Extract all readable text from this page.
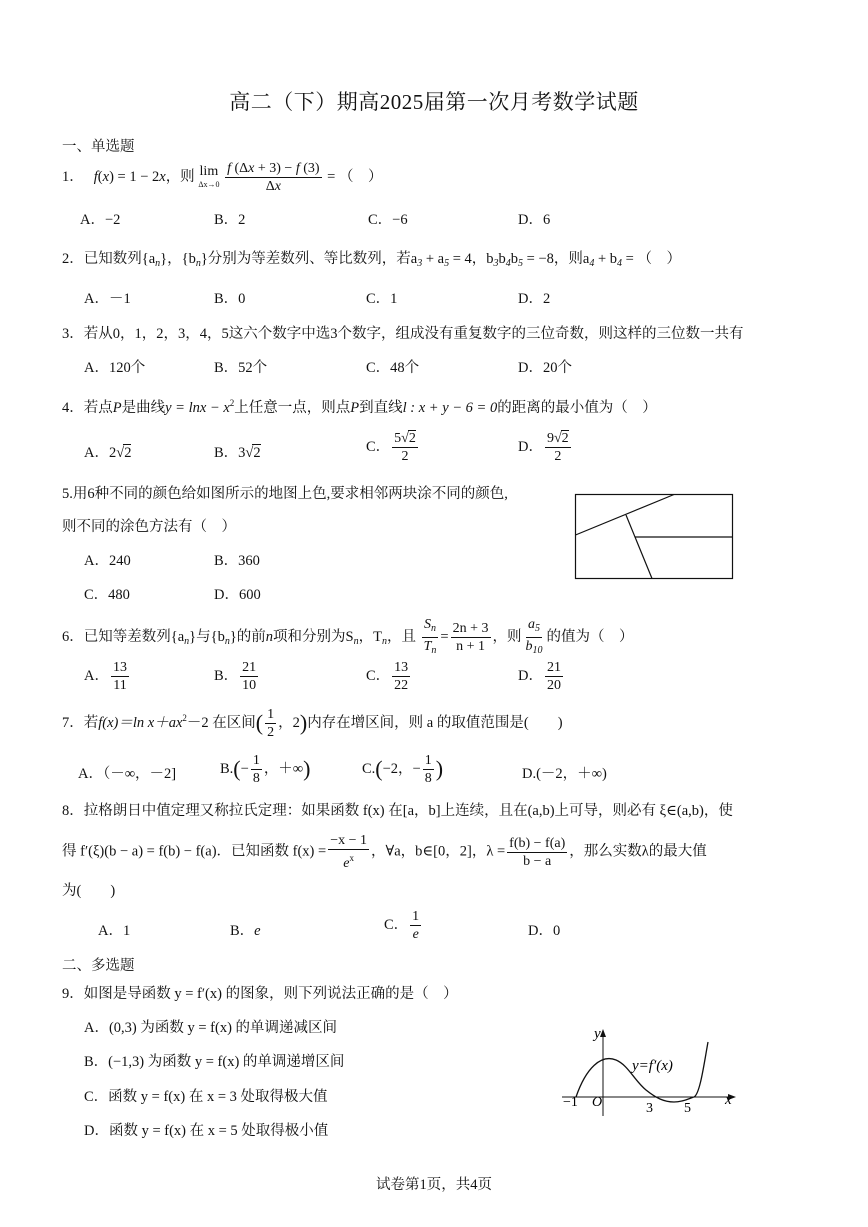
高二（下）期高2025届第一次月考数学试题
一、单选题
1． f(x) = 1 − 2x，则 lim
Δx→0
$\frac{f (\Delta x + 3) - f (3)}{\Delta x}$ = （　）
A．−2	B．2	C．−6	D．6
2．已知数列$\{a_n\}$，$\{b_n\}$分别为等差数列、等比数列，若$a_3 + a_5 = 4$，$b_3b_4b_5 = -8$，则$a_4 + b_4$ = （　）
A．－1	B．0	C．1	D．2
3．若从0，1，2，3，4，5这六个数字中选3个数字，组成没有重复数字的三位奇数，则这样的三位数一共有
A．120个	B．52个	C．48个	D．20个
4．若点P是曲线$y = \ln x - x^2$上任意一点，则点P到直线l : x + y − 6 = 0的距离的最小值为（　）
A．2√2	B．3√2	C． $\frac{5√2}{2}$	D． $\frac{9√2}{2}$
5.用6种不同的颜色给如图所示的地图上色,要求相邻两块涂不同的颜色,
则不同的涂色方法有（　）
A．240	B．360
C．480	D．600
6．已知等差数列$\{a_n\}$与$\{b_n\}$的前n项和分别为$S_n$，$T_n$，且 $\frac{S_n}{T_n} = \frac{2n + 3}{n + 1}$ ，则 $\frac{a_5}{b_{10}}$ 的值为（　）
A． $\frac{13}{11}$	B． $\frac{21}{10}$	C． $\frac{13}{22}$	D． $\frac{21}{20}$
7．若f(x)＝ln $x+ax^2-2$ 在区间( $\frac{1}{2}$ ，2)内存在增区间，则 a 的取值范围是(　　)
A．（－∞，－2]	$B.(- \frac{1}{8}$ ，＋∞)	C.(−2，− $\frac{1}{8}$ )	D.(－2，＋∞)
8．拉格朗日中值定理又称拉氏定理：如果函数 f(x) 在[a，b]上连续，且在(a,b)上可导，则必有 ξ∈(a,b)，使
得 f′(ξ)(b − a) = f(b) − f(a)．已知函数 $f(x) = \frac{-x - 1}{e^x}$ ，∀a，b∈[0，2]，$\lambda = \frac{f(b) - f(a)}{b - a}$ ，那么实数λ的最大值
为(　　)
A．1	B．e	C． $\frac{1}{e}$	D．0
二、多选题
9．如图是导函数 y = f′(x) 的图象，则下列说法正确的是（　）
A．(0,3) 为函数 y = f(x) 的单调递减区间
B．(−1,3) 为函数 y = f(x) 的单调递增区间
C．函数 y = f(x) 在 x = 3 处取得极大值
D．函数 y = f(x) 在 x = 5 处取得极小值
y
x
y=f′(x)
−1 O	3 5
试卷第1页，共4页
